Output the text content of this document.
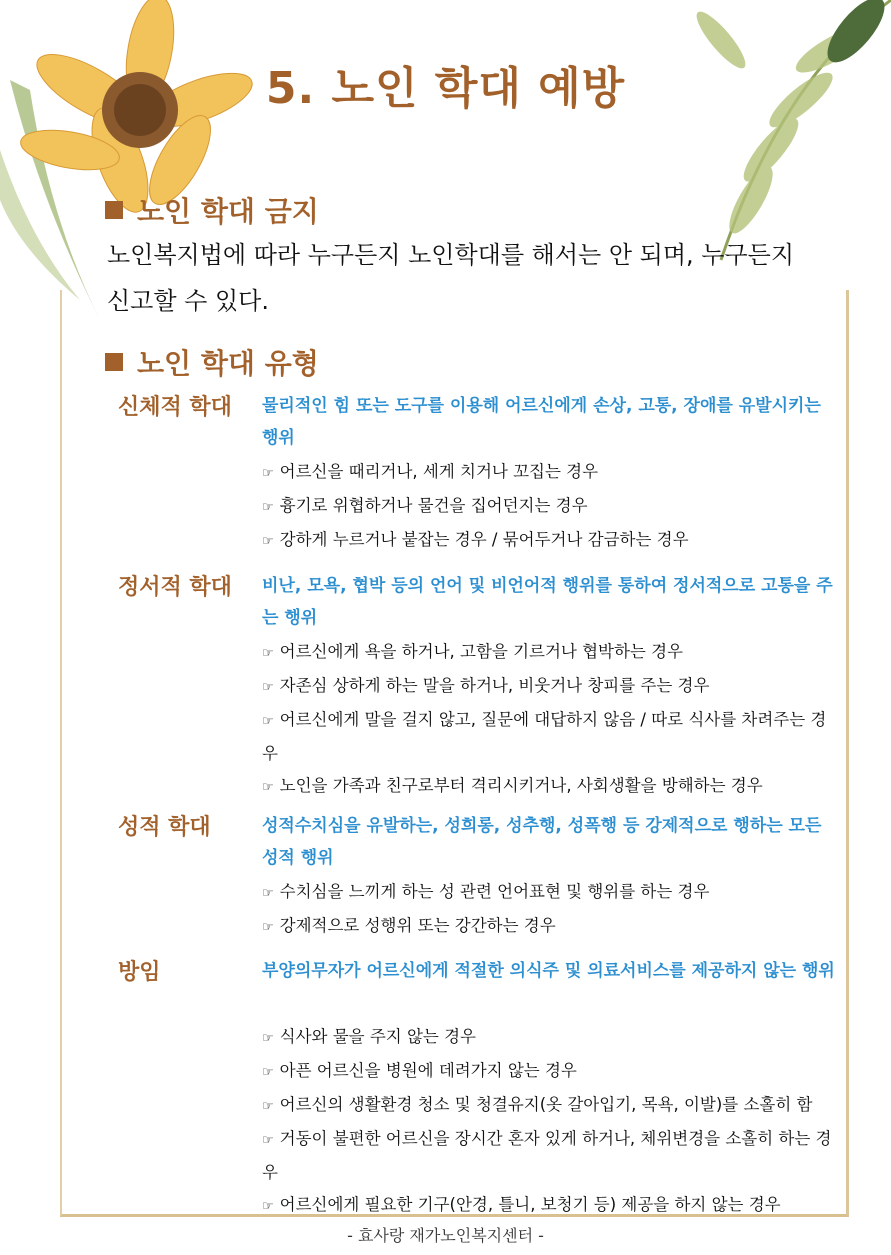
5. 노인 학대 예방
노인 학대 금지
노인복지법에 따라 누구든지 노인학대를 해서는 안 되며, 누구든지 신고할 수 있다.
노인 학대 유형
신체적 학대 물리적인 힘 또는 도구를 이용해 어르신에게 손상, 고통, 장애를 유발시키는 행위
☞ 어르신을 때리거나, 세게 치거나 꼬집는 경우
☞ 흉기로 위협하거나 물건을 집어던지는 경우
☞ 강하게 누르거나 붙잡는 경우 / 묶어두거나 감금하는 경우
정서적 학대 비난, 모욕, 협박 등의 언어 및 비언어적 행위를 통하여 정서적으로 고통을 주는 행위
☞ 어르신에게 욕을 하거나, 고함을 기르거나 협박하는 경우
☞ 자존심 상하게 하는 말을 하거나, 비웃거나 창피를 주는 경우
☞ 어르신에게 말을 걸지 않고, 질문에 대답하지 않음 / 따로 식사를 차려주는 경우
☞ 노인을 가족과 친구로부터 격리시키거나, 사회생활을 방해하는 경우
성적 학대	성적수치심을 유발하는, 성희롱, 성추행, 성폭행 등 강제적으로 행하는 모든 성적 행위
☞ 수치심을 느끼게 하는 성 관련 언어표현 및 행위를 하는 경우
☞ 강제적으로 성행위 또는 강간하는 경우
방임	부양의무자가 어르신에게 적절한 의식주 및 의료서비스를 제공하지 않는 행위
☞ 식사와 물을 주지 않는 경우
☞ 아픈 어르신을 병원에 데려가지 않는 경우
☞ 어르신의 생활환경 청소 및 청결유지(옷 갈아입기, 목욕, 이발)를 소홀히 함
☞ 거동이 불편한 어르신을 장시간 혼자 있게 하거나, 체위변경을 소홀히 하는 경우
☞ 어르신에게 필요한 기구(안경, 틀니, 보청기 등) 제공을 하지 않는 경우
- 효사랑 재가노인복지센터 -
